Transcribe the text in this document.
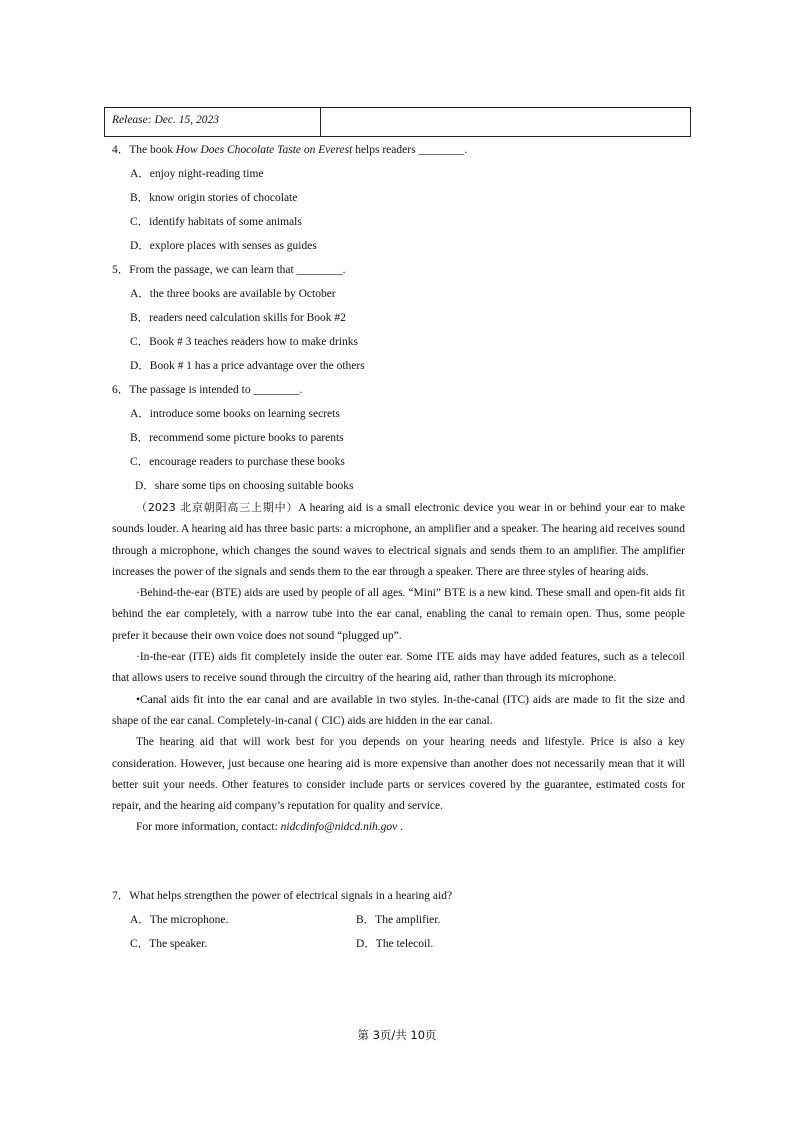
Release: Dec. 15, 2023
4．The book How Does Chocolate Taste on Everest helps readers ________.
A．enjoy night-reading time
B．know origin stories of chocolate
C．identify habitats of some animals
D．explore places with senses as guides
5．From the passage, we can learn that ________.
A．the three books are available by October
B．readers need calculation skills for Book #2
C．Book # 3 teaches readers how to make drinks
D．Book # 1 has a price advantage over the others
6．The passage is intended to ________.
A．introduce some books on learning secrets
B．recommend some picture books to parents
C．encourage readers to purchase these books
D．share some tips on choosing suitable books

（2023 北京朝阳高三上期中）A hearing aid is a small electronic device you wear in or behind your ear to make sounds louder. A hearing aid has three basic parts: a microphone, an amplifier and a speaker. The hearing aid receives sound through a microphone, which changes the sound waves to electrical signals and sends them to an amplifier. The amplifier increases the power of the signals and sends them to the ear through a speaker. There are three styles of hearing aids.

·Behind-the-ear (BTE) aids are used by people of all ages. “Mini” BTE is a new kind. These small and open-fit aids fit behind the ear completely, with a narrow tube into the ear canal, enabling the canal to remain open. Thus, some people prefer it because their own voice does not sound “plugged up”.

·In-the-ear (ITE) aids fit completely inside the outer ear. Some ITE aids may have added features, such as a telecoil that allows users to receive sound through the circuitry of the hearing aid, rather than through its microphone.

•Canal aids fit into the ear canal and are available in two styles. In-the-canal (ITC) aids are made to fit the size and shape of the ear canal. Completely-in-canal ( CIC) aids are hidden in the ear canal.

The hearing aid that will work best for you depends on your hearing needs and lifestyle. Price is also a key consideration. However, just because one hearing aid is more expensive than another does not necessarily mean that it will better suit your needs. Other features to consider include parts or services covered by the guarantee, estimated costs for repair, and the hearing aid company’s reputation for quality and service.

For more information, contact: nidcdinfo@nidcd.nih.gov .

7．What helps strengthen the power of electrical signals in a hearing aid?
A．The microphone.	B．The amplifier.
C．The speaker.	D．The telecoil.
第 3页/共 10页
